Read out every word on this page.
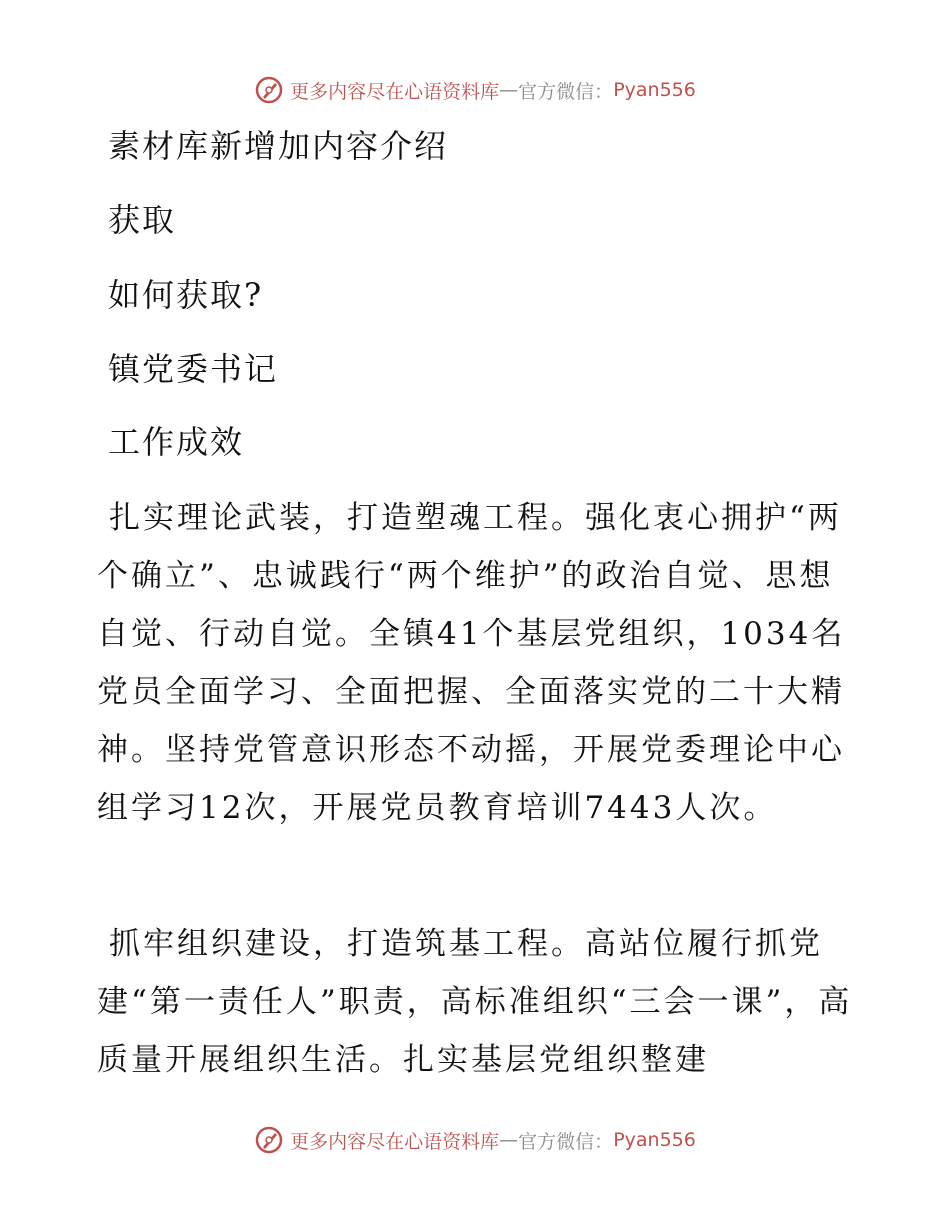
更多内容尽在心语资料库 — 官方微信： Pyan556
素材库新增加内容介绍
获取
如何获取?
镇党委书记
工作成效

扎实理论武装，打造塑魂工程。强化衷心拥护“两个确立”、忠诚践行“两个维护”的政治自觉、思想自觉、行动自觉。全镇41个基层党组织，1034名党员全面学习、全面把握、全面落实党的二十大精神。坚持党管意识形态不动摇，开展党委理论中心组学习12次，开展党员教育培训7443人次。

抓牢组织建设，打造筑基工程。高站位履行抓党建“第一责任人”职责，高标准组织“三会一课”，高质量开展组织生活。扎实基层党组织整建

更多内容尽在心语资料库 — 官方微信： Pyan556
